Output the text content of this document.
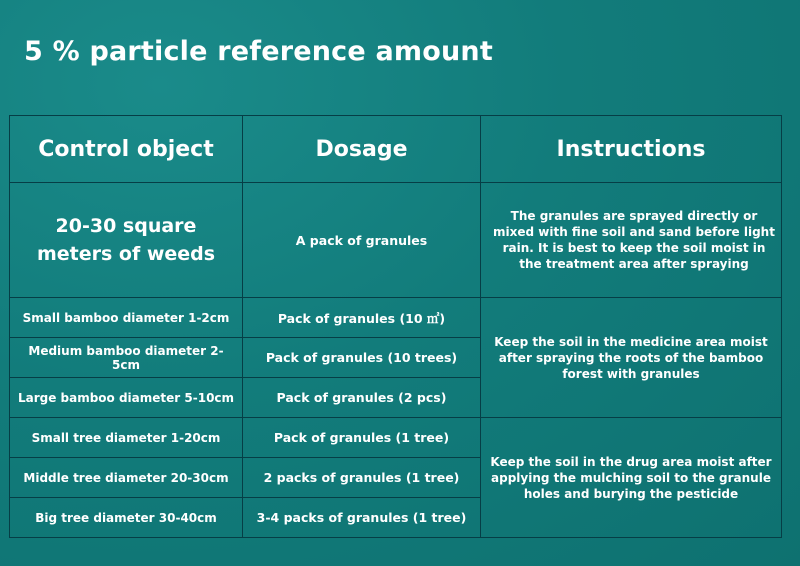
5 % particle reference amount
Control object	Dosage	Instructions
20-30 square meters of weeds	A pack of granules	The granules are sprayed directly or mixed with fine soil and sand before light rain. It is best to keep the soil moist in the treatment area after spraying
Small bamboo diameter 1-2cm	Pack of granules (10 ㎡)	Keep the soil in the medicine area moist after spraying the roots of the bamboo forest with granules
Medium bamboo diameter 2-5cm	Pack of granules (10 trees)	
Large bamboo diameter 5-10cm	Pack of granules (2 pcs)	
Small tree diameter 1-20cm	Pack of granules (1 tree)	Keep the soil in the drug area moist after applying the mulching soil to the granule holes and burying the pesticide
Middle tree diameter 20-30cm	2 packs of granules (1 tree)	
Big tree diameter 30-40cm	3-4 packs of granules (1 tree)	
